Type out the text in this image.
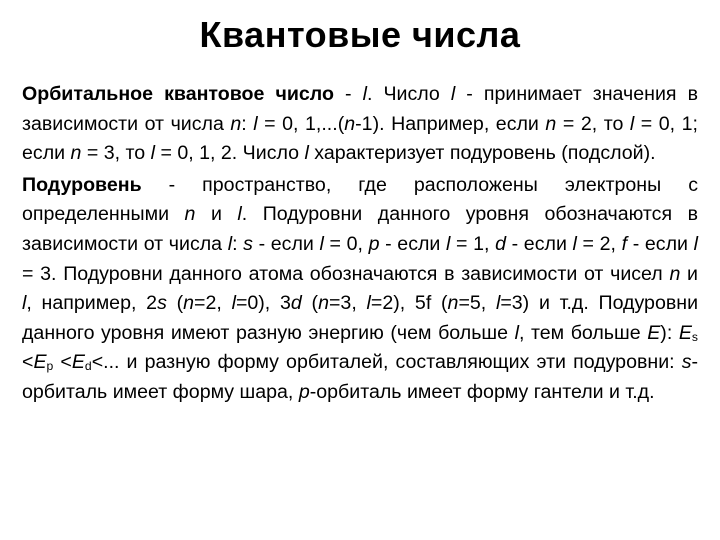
Квантовые числа

Орбитальное квантовое число - l. Число l - принимает значения в зависимости от числа n: l = 0, 1,...(n-1). Например, если n = 2, то l = 0, 1; если n = 3, то l = 0, 1, 2. Число l характеризует подуровень (подслой).

Подуровень - пространство, где расположены электроны с определенными n и l. Подуровни данного уровня обозначаются в зависимости от числа l: s - если l = 0, p - если l = 1, d - если l = 2, f - если l = 3. Подуровни данного атома обозначаются в зависимости от чисел n и l, например, 2s (n=2, l=0), 3d (n=3, l=2), 5f (n=5, l=3) и т.д. Подуровни данного уровня имеют разную энергию (чем больше l, тем больше E): $E_s <E_p <E_d<$... и разную форму орбиталей, составляющих эти подуровни: s-орбиталь имеет форму шара, p-орбиталь имеет форму гантели и т.д.
